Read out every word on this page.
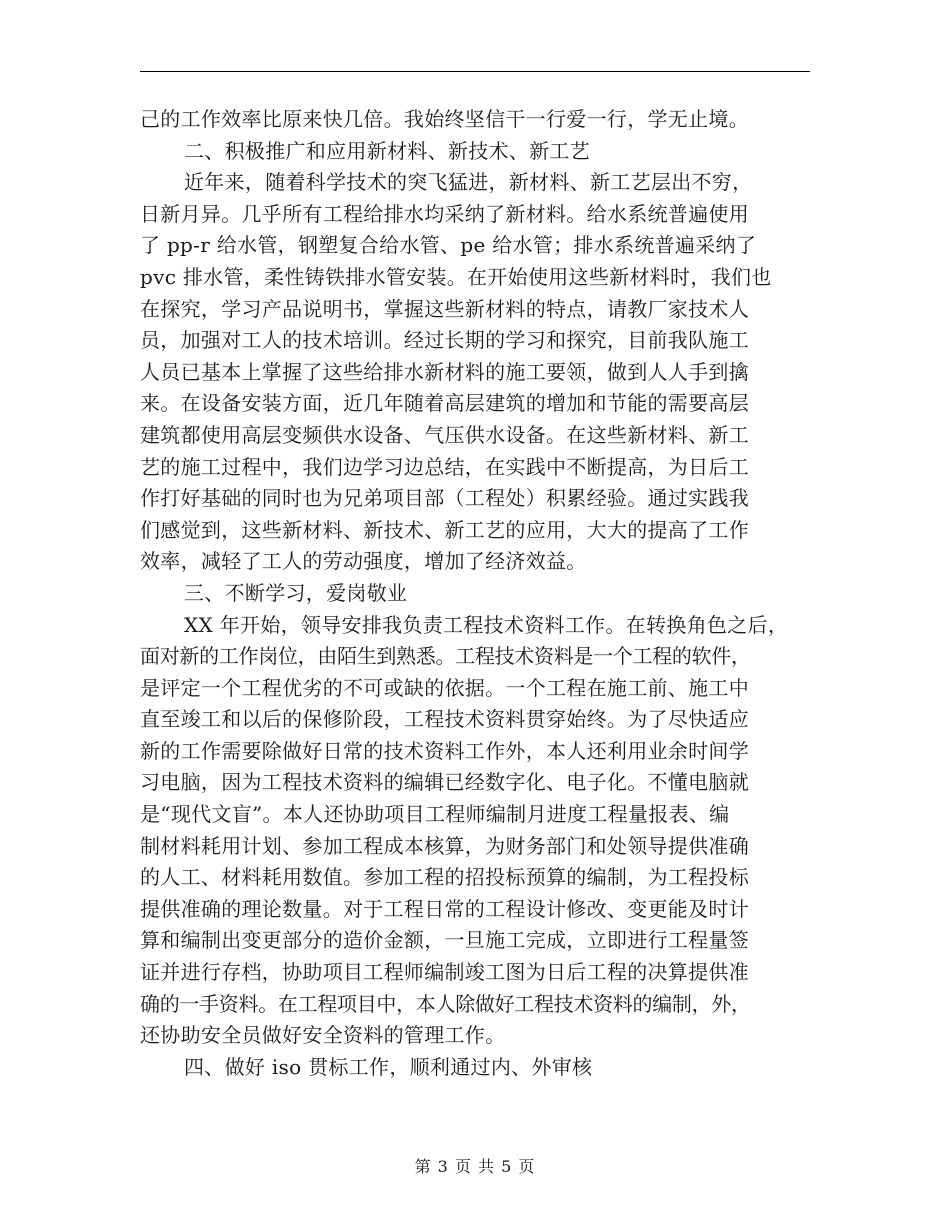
己的工作效率比原来快几倍。我始终坚信干一行爱一行，学无止境。
二、积极推广和应用新材料、新技术、新工艺
近年来，随着科学技术的突飞猛进，新材料、新工艺层出不穷，
日新月异。几乎所有工程给排水均采纳了新材料。给水系统普遍使用
了 pp-r 给水管，钢塑复合给水管、pe 给水管；排水系统普遍采纳了
pvc 排水管，柔性铸铁排水管安装。在开始使用这些新材料时，我们也
在探究，学习产品说明书，掌握这些新材料的特点，请教厂家技术人
员，加强对工人的技术培训。经过长期的学习和探究，目前我队施工
人员已基本上掌握了这些给排水新材料的施工要领，做到人人手到擒
来。在设备安装方面，近几年随着高层建筑的增加和节能的需要高层
建筑都使用高层变频供水设备、气压供水设备。在这些新材料、新工
艺的施工过程中，我们边学习边总结，在实践中不断提高，为日后工
作打好基础的同时也为兄弟项目部（工程处）积累经验。通过实践我
们感觉到，这些新材料、新技术、新工艺的应用，大大的提高了工作
效率，减轻了工人的劳动强度，增加了经济效益。
三、不断学习，爱岗敬业
XX 年开始，领导安排我负责工程技术资料工作。在转换角色之后，
面对新的工作岗位，由陌生到熟悉。工程技术资料是一个工程的软件，
是评定一个工程优劣的不可或缺的依据。一个工程在施工前、施工中
直至竣工和以后的保修阶段，工程技术资料贯穿始终。为了尽快适应
新的工作需要除做好日常的技术资料工作外，本人还利用业余时间学
习电脑，因为工程技术资料的编辑已经数字化、电子化。不懂电脑就
是“现代文盲”。本人还协助项目工程师编制月进度工程量报表、编
制材料耗用计划、参加工程成本核算，为财务部门和处领导提供准确
的人工、材料耗用数值。参加工程的招投标预算的编制，为工程投标
提供准确的理论数量。对于工程日常的工程设计修改、变更能及时计
算和编制出变更部分的造价金额，一旦施工完成，立即进行工程量签
证并进行存档，协助项目工程师编制竣工图为日后工程的决算提供准
确的一手资料。在工程项目中，本人除做好工程技术资料的编制，外，
还协助安全员做好安全资料的管理工作。
四、做好 iso 贯标工作，顺利通过内、外审核
第 3 页 共 5 页
